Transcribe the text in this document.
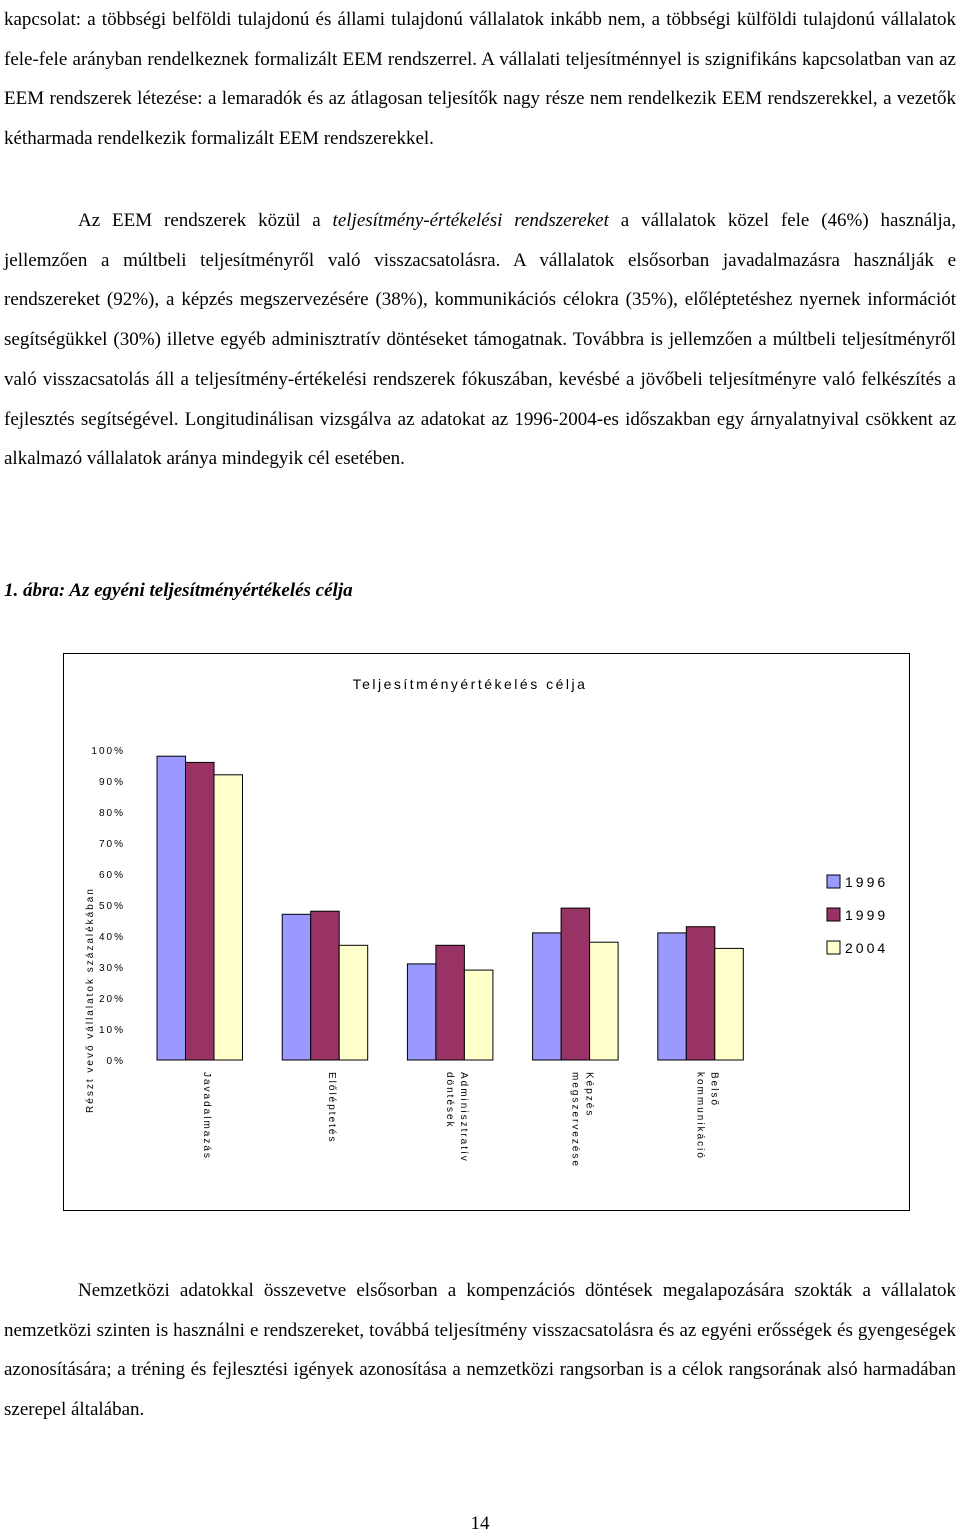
kapcsolat: a többségi belföldi tulajdonú és állami tulajdonú vállalatok inkább nem, a többségi külföldi tulajdonú vállalatok fele-fele arányban rendelkeznek formalizált EEM rendszerrel. A vállalati teljesítménnyel is szignifikáns kapcsolatban van az EEM rendszerek létezése: a lemaradók és az átlagosan teljesítők nagy része nem rendelkezik EEM rendszerekkel, a vezetők kétharmada rendelkezik formalizált EEM rendszerekkel.

Az EEM rendszerek közül a teljesítmény-értékelési rendszereket a vállalatok közel fele (46%) használja, jellemzően a múltbeli teljesítményről való visszacsatolásra. A vállalatok elsősorban javadalmazásra használják e rendszereket (92%), a képzés megszervezésére (38%), kommunikációs célokra (35%), előléptetéshez nyernek információt segítségükkel (30%) illetve egyéb adminisztratív döntéseket támogatnak. Továbbra is jellemzően a múltbeli teljesítményről való visszacsatolás áll a teljesítmény-értékelési rendszerek fókuszában, kevésbé a jövőbeli teljesítményre való felkészítés a fejlesztés segítségével. Longitudinálisan vizsgálva az adatokat az 1996-2004-es időszakban egy árnyalatnyival csökkent az alkalmazó vállalatok aránya mindegyik cél esetében.

1. ábra: Az egyéni teljesítményértékelés célja

Teljesítményértékelés célja
Részt vevő vállalatok százalékában 0%
10%
20%
30%
40%
50%
60%
70%
80%
90%
100%
Javadalmazás	Előléptetés	Adminisztratív
döntések	Képzés
megszervezése	Belső
kommunikáció
1996
1999
2004

Nemzetközi adatokkal összevetve elsősorban a kompenzációs döntések megalapozására szokták a vállalatok nemzetközi szinten is használni e rendszereket, továbbá teljesítmény visszacsatolásra és az egyéni erősségek és gyengeségek azonosítására; a tréning és fejlesztési igények azonosítása a nemzetközi rangsorban is a célok rangsorának alsó harmadában szerepel általában.

14
